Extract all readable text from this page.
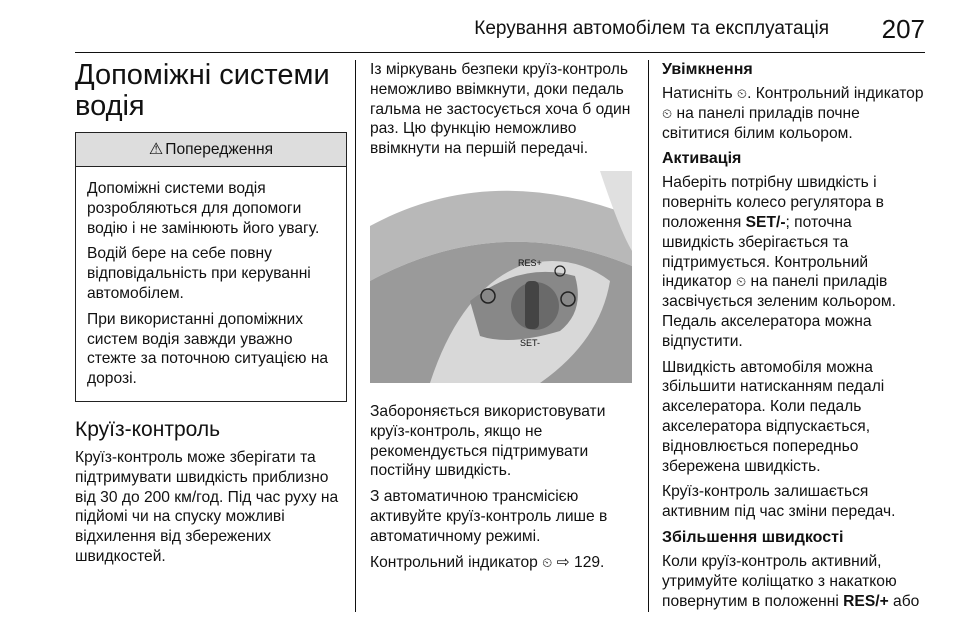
Керування автомобілем та експлуатація 207
Допоміжні системи водія
⚠ Попередження

Допоміжні системи водія розробляються для допомоги водію і не замінюють його увагу.

Водій бере на себе повну відповідальність при керуванні автомобілем.

При використанні допоміжних систем водія завжди уважно стежте за поточною ситуацією на дорозі.

Круїз-контроль

Круїз-контроль може зберігати та підтримувати швидкість приблизно від 30 до 200 км/год. Під час руху на підйомі чи на спуску можливі відхилення від збережених швидкостей.

Із міркувань безпеки круїз-контроль неможливо ввімкнути, доки педаль гальма не застосується хоча б один раз. Цю функцію неможливо ввімкнути на першій передачі.

RES+
SET-

Забороняється використовувати круїз-контроль, якщо не рекомендується підтримувати постійну швидкість.

З автоматичною трансмісією активуйте круїз-контроль лише в автоматичному режимі.

Контрольний індикатор ⏲ ⇨ 129.

Увімкнення

Натисніть ⏲. Контрольний індикатор ⏲ на панелі приладів почне світитися білим кольором.

Активація

Наберіть потрібну швидкість і поверніть колесо регулятора в положення SET/-; поточна швидкість зберігається та підтримується. Контрольний індикатор ⏲ на панелі приладів засвічується зеленим кольором. Педаль акселератора можна відпустити.

Швидкість автомобіля можна збільшити натисканням педалі акселератора. Коли педаль акселератора відпускається, відновлюється попередньо збережена швидкість.

Круїз-контроль залишається активним під час зміни передач.

Збільшення швидкості

Коли круїз-контроль активний, утримуйте коліщатко з накаткою повернутим в положенні RES/+ або
